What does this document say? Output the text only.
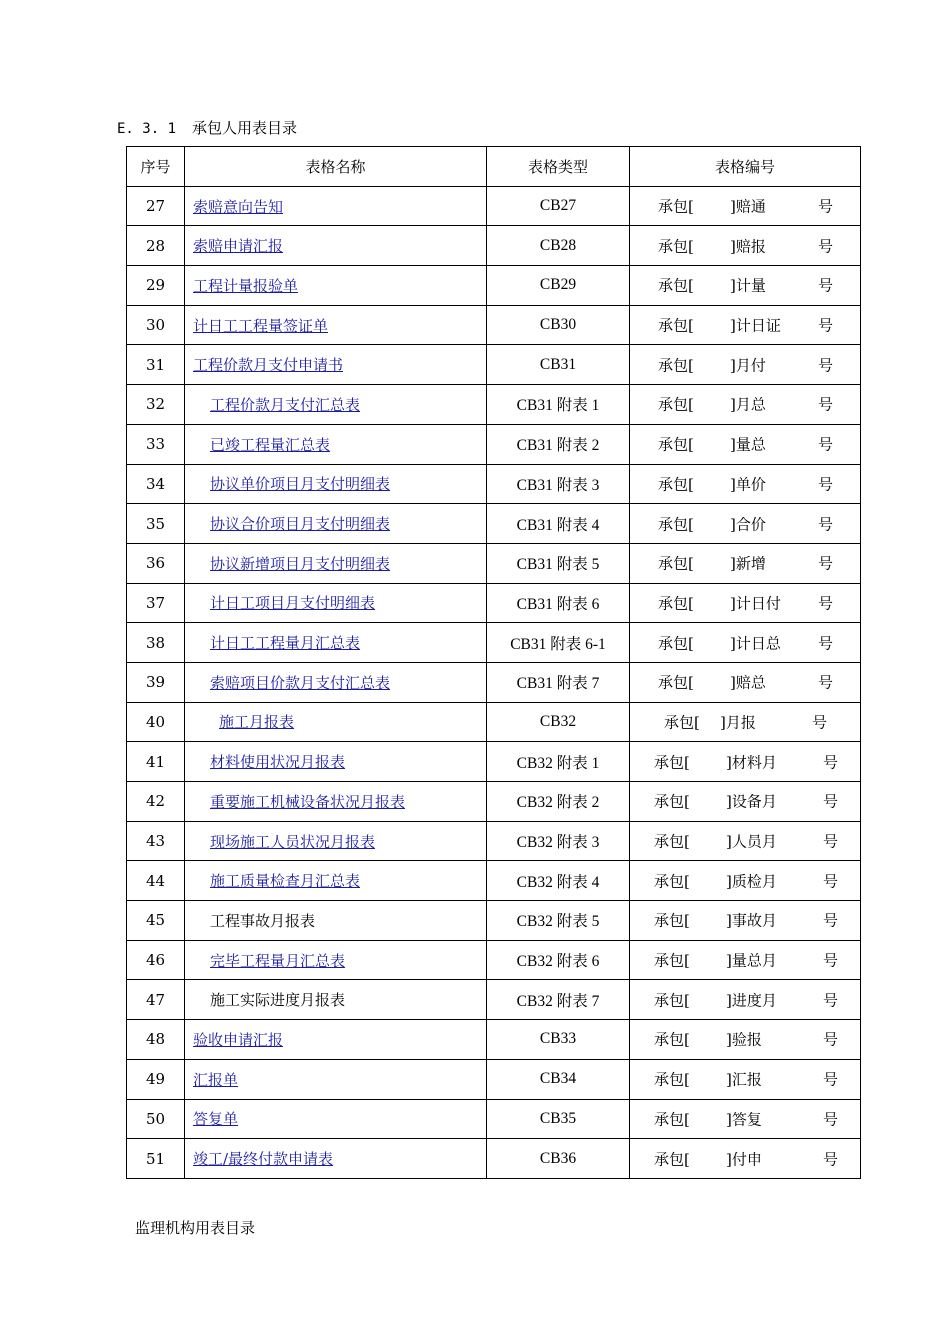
E. 3. 1 承包人用表目录
序号	表格名称	表格类型	表格编号
27	索赔意向告知	CB27	承包[ ]赔通 号

28	索赔申请汇报	CB28	承包[ ]赔报 号

29	工程计量报验单	CB29	承包[ ]计量 号

30	计日工工程量签证单	CB30	承包[ ]计日证 号

31	工程价款月支付申请书	CB31	承包[ ]月付 号

32	工程价款月支付汇总表	CB31 附表 1	承包[ ]月总 号

33	已竣工程量汇总表	CB31 附表 2	承包[ ]量总 号

34	协议单价项目月支付明细表	CB31 附表 3	承包[ ]单价 号

35	协议合价项目月支付明细表	CB31 附表 4	承包[ ]合价 号

36	协议新增项目月支付明细表	CB31 附表 5	承包[ ]新增 号

37	计日工项目月支付明细表	CB31 附表 6	承包[ ]计日付 号

38	计日工工程量月汇总表	CB31 附表 6-1	承包[ ]计日总 号

39	索赔项目价款月支付汇总表	CB31 附表 7	承包[ ]赔总 号

40	施工月报表	CB32	承包[ ]月报 号

41	材料使用状况月报表	CB32 附表 1	承包[ ]材料月 号

42	重要施工机械设备状况月报表	CB32 附表 2	承包[ ]设备月 号

43	现场施工人员状况月报表	CB32 附表 3	承包[ ]人员月 号

44	施工质量检查月汇总表	CB32 附表 4	承包[ ]质检月 号

45	工程事故月报表	CB32 附表 5	承包[ ]事故月 号

46	完毕工程量月汇总表	CB32 附表 6	承包[ ]量总月 号

47	施工实际进度月报表	CB32 附表 7	承包[ ]进度月 号

48	验收申请汇报	CB33	承包[ ]验报 号

49	汇报单	CB34	承包[ ]汇报 号

50	答复单	CB35	承包[ ]答复 号

51	竣工/最终付款申请表	CB36	承包[ ]付申 号
监理机构用表目录
